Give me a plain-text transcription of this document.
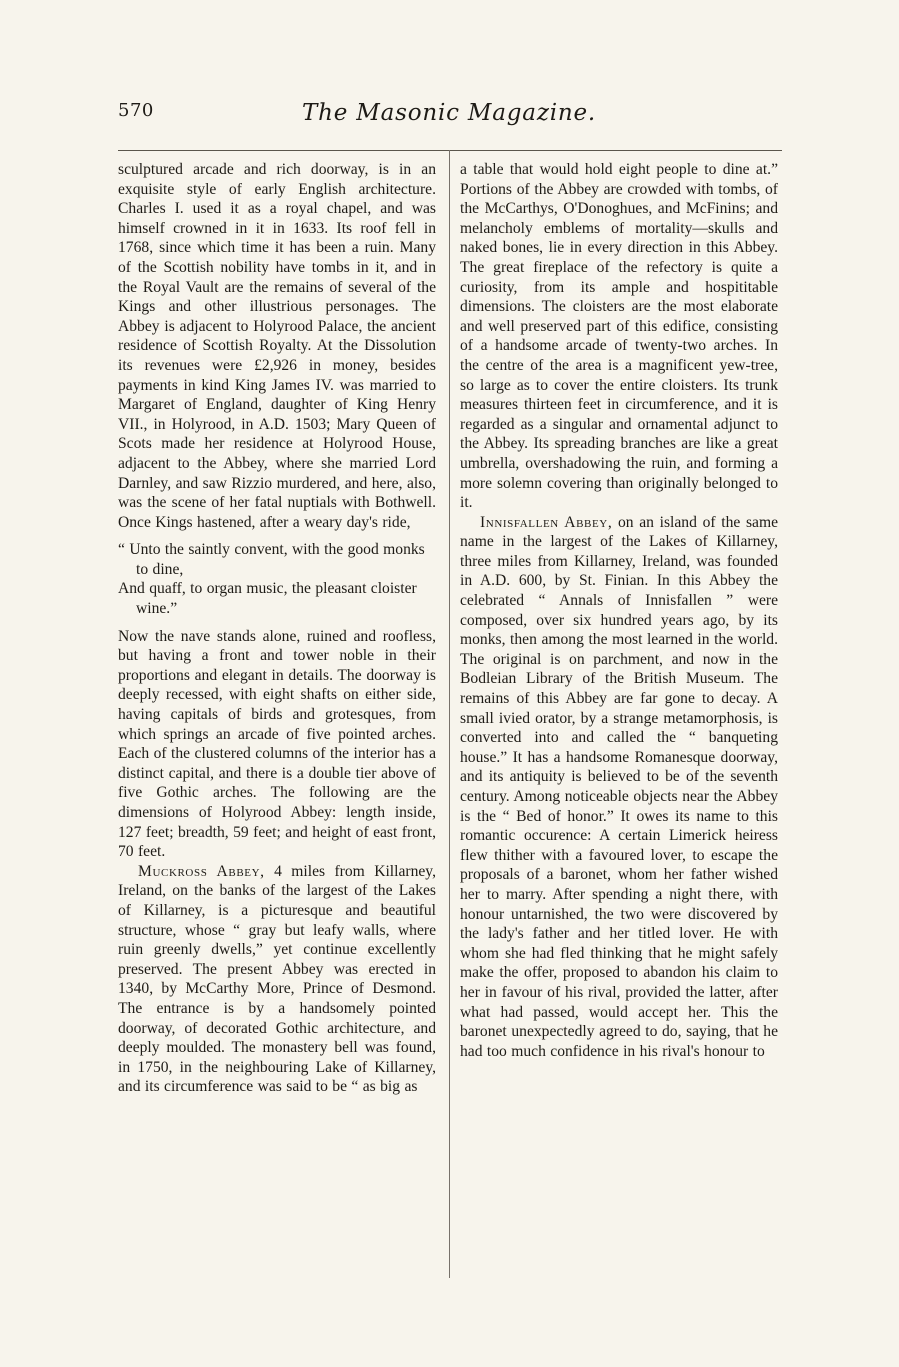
570	The Masonic Magazine.

sculptured arcade and rich doorway, is in an exquisite style of early English architecture. Charles I. used it as a royal chapel, and was himself crowned in it in 1633. Its roof fell in 1768, since which time it has been a ruin. Many of the Scottish nobility have tombs in it, and in the Royal Vault are the remains of several of the Kings and other illustrious personages. The Abbey is adjacent to Holyrood Palace, the ancient residence of Scottish Royalty. At the Dissolution its revenues were £2,926 in money, besides payments in kind King James IV. was married to Margaret of England, daughter of King Henry VII., in Holyrood, in A.D. 1503; Mary Queen of Scots made her residence at Holyrood House, adjacent to the Abbey, where she married Lord Darnley, and saw Rizzio murdered, and here, also, was the scene of her fatal nuptials with Bothwell. Once Kings hastened, after a weary day's ride,

“ Unto the saintly convent, with the good monks to dine,

And quaff, to organ music, the pleasant cloister wine.”

Now the nave stands alone, ruined and roofless, but having a front and tower noble in their proportions and elegant in details. The doorway is deeply recessed, with eight shafts on either side, having capitals of birds and grotesques, from which springs an arcade of five pointed arches. Each of the clustered columns of the interior has a distinct capital, and there is a double tier above of five Gothic arches. The following are the dimensions of Holyrood Abbey: length inside, 127 feet; breadth, 59 feet; and height of east front, 70 feet.

Muckross Abbey, 4 miles from Killarney, Ireland, on the banks of the largest of the Lakes of Killarney, is a picturesque and beautiful structure, whose “ gray but leafy walls, where ruin greenly dwells,” yet continue excellently preserved. The present Abbey was erected in 1340, by McCarthy More, Prince of Desmond. The entrance is by a handsomely pointed doorway, of decorated Gothic architecture, and deeply moulded. The monastery bell was found, in 1750, in the neighbouring Lake of Killarney, and its circumference was said to be “ as big as

a table that would hold eight people to dine at.” Portions of the Abbey are crowded with tombs, of the McCarthys, O'Donoghues, and McFinins; and melancholy emblems of mortality—skulls and naked bones, lie in every direction in this Abbey. The great fireplace of the refectory is quite a curiosity, from its ample and hospititable dimensions. The cloisters are the most elaborate and well preserved part of this edifice, consisting of a handsome arcade of twenty-two arches. In the centre of the area is a magnificent yew-tree, so large as to cover the entire cloisters. Its trunk measures thirteen feet in circumference, and it is regarded as a singular and ornamental adjunct to the Abbey. Its spreading branches are like a great umbrella, overshadowing the ruin, and forming a more solemn covering than originally belonged to it.

Innisfallen Abbey, on an island of the same name in the largest of the Lakes of Killarney, three miles from Killarney, Ireland, was founded in A.D. 600, by St. Finian. In this Abbey the celebrated “ Annals of Innisfallen ” were composed, over six hundred years ago, by its monks, then among the most learned in the world. The original is on parchment, and now in the Bodleian Library of the British Museum. The remains of this Abbey are far gone to decay. A small ivied orator, by a strange metamorphosis, is converted into and called the “ banqueting house.” It has a handsome Romanesque doorway, and its antiquity is believed to be of the seventh century. Among noticeable objects near the Abbey is the “ Bed of honor.” It owes its name to this romantic occurence: A certain Limerick heiress flew thither with a favoured lover, to escape the proposals of a baronet, whom her father wished her to marry. After spending a night there, with honour untarnished, the two were discovered by the lady's father and her titled lover. He with whom she had fled thinking that he might safely make the offer, proposed to abandon his claim to her in favour of his rival, provided the latter, after what had passed, would accept her. This the baronet unexpectedly agreed to do, saying, that he had too much confidence in his rival's honour to
